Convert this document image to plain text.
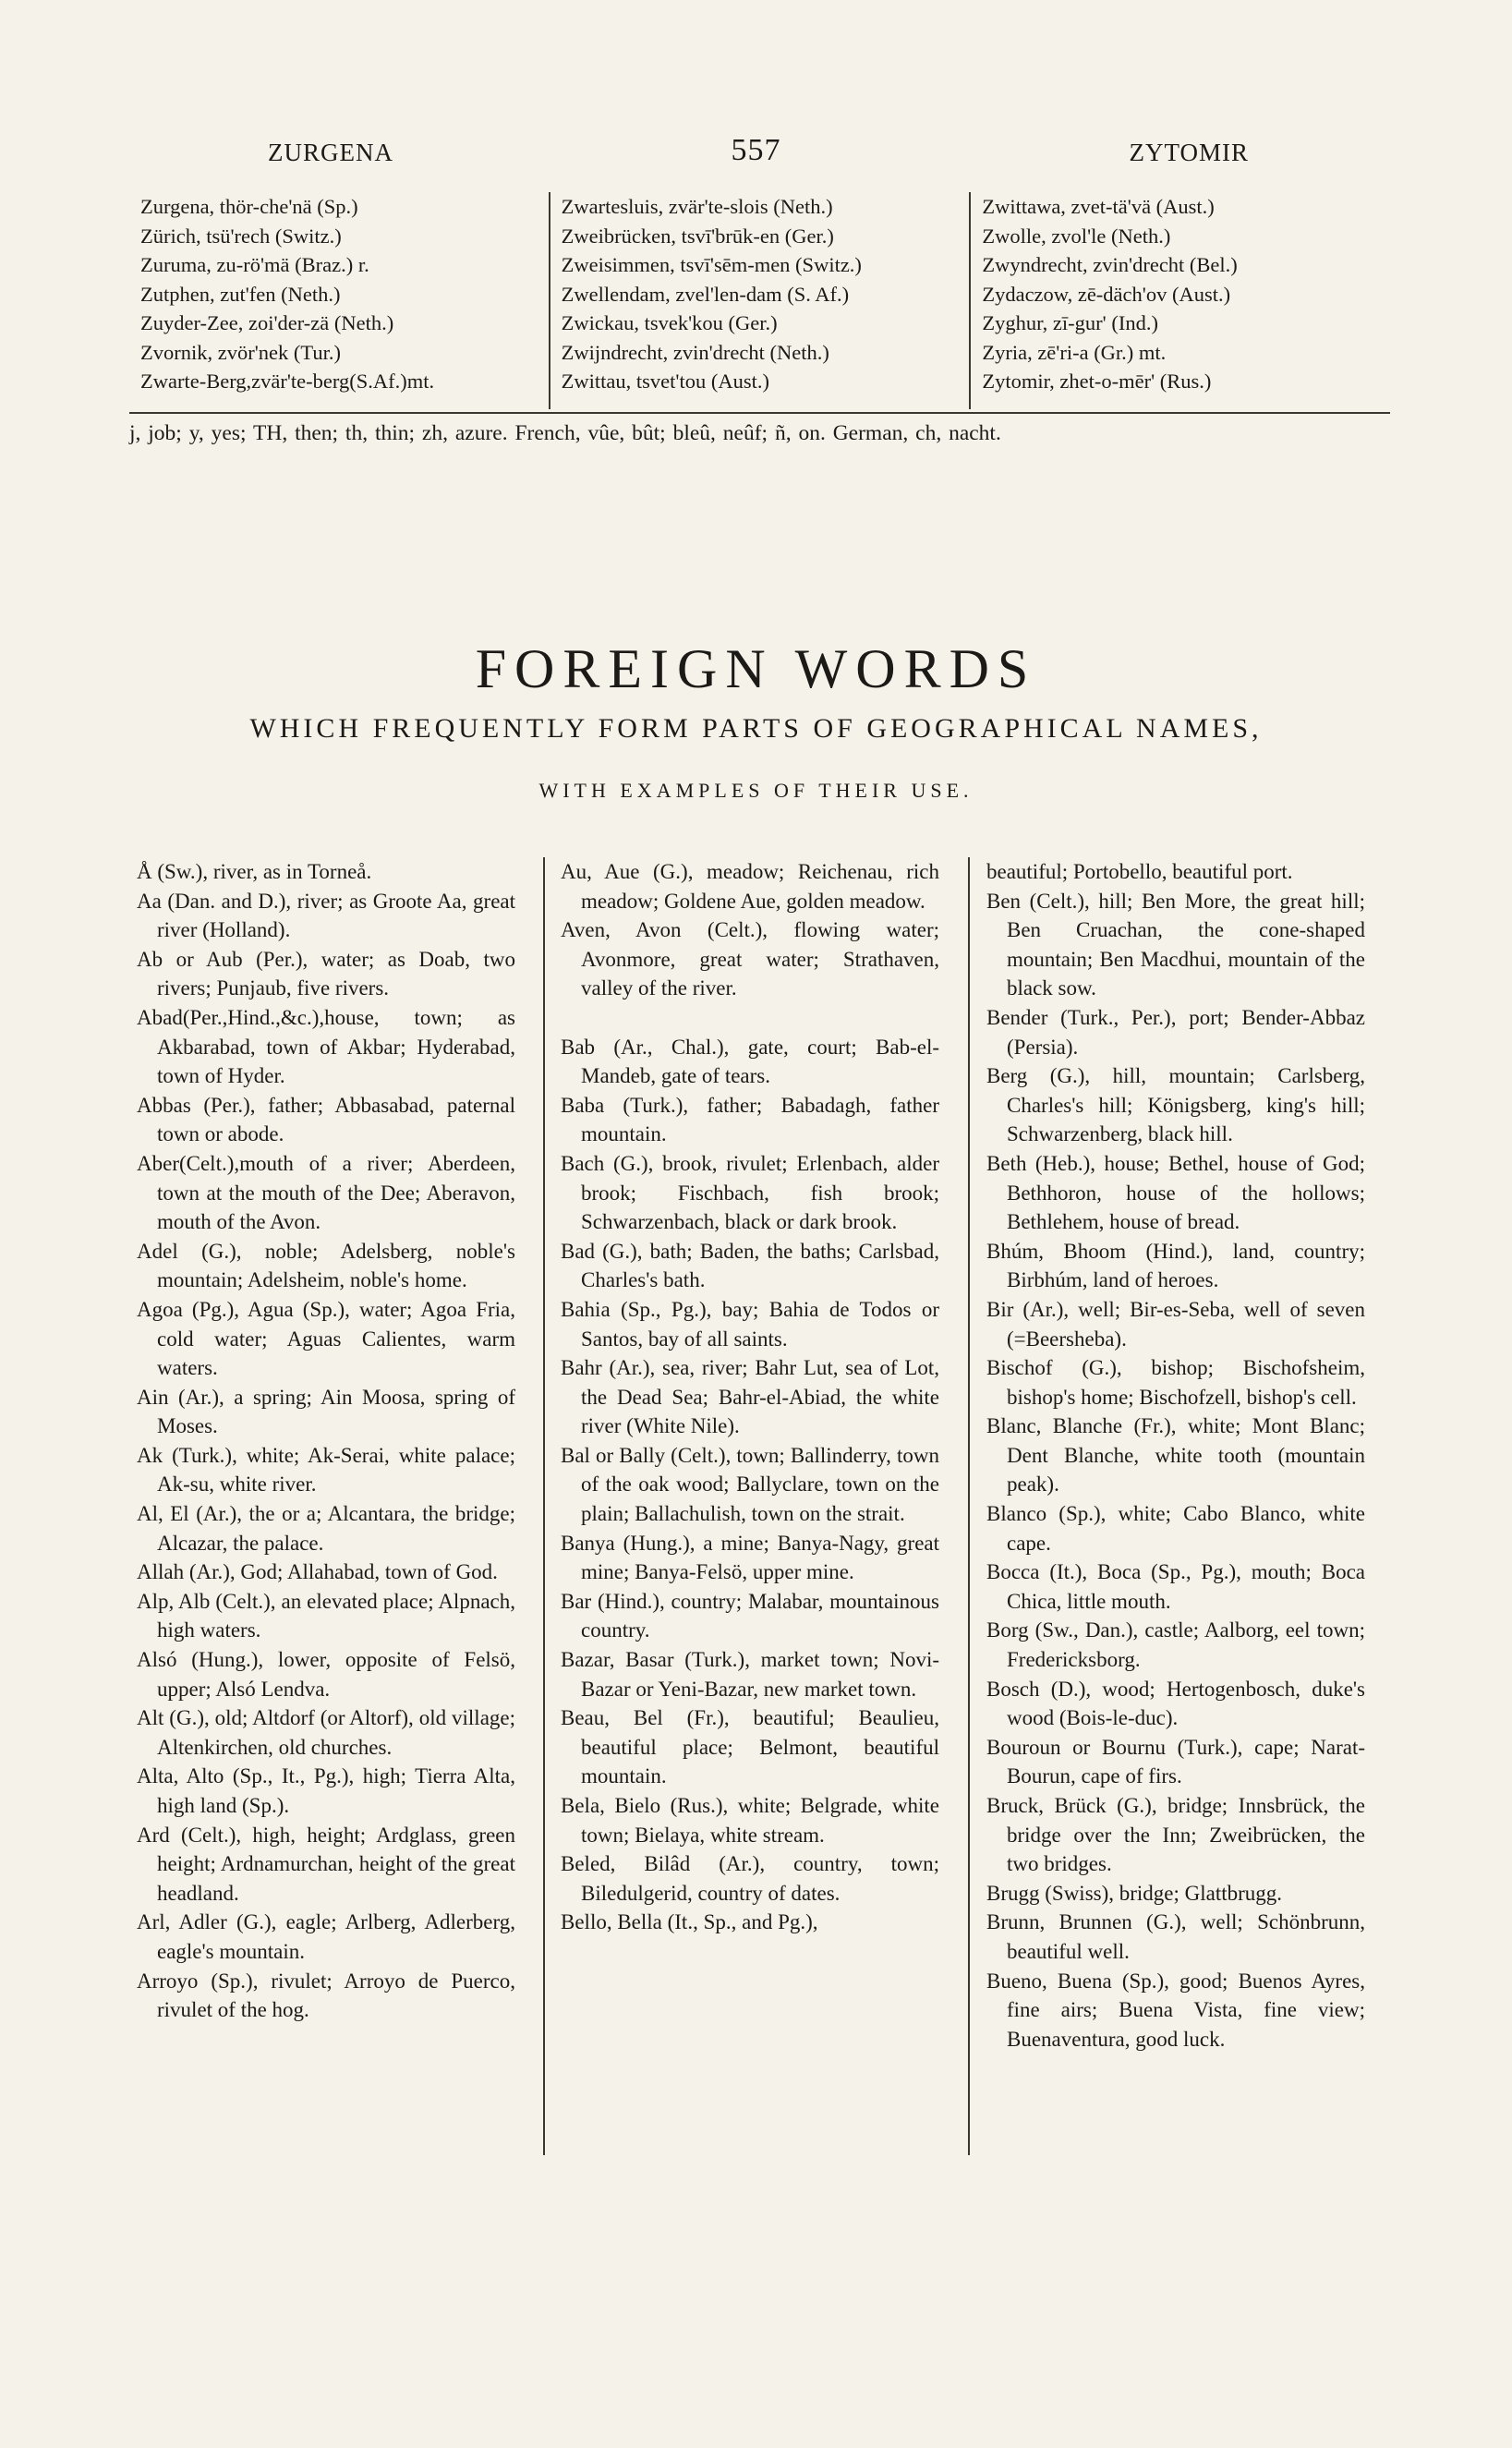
ZURGENA	557	ZYTOMIR
Zurgena, thör-che'nä (Sp.)
Zürich, tsü'rech (Switz.)
Zuruma, zu-rö'mä (Braz.) r.
Zutphen, zut'fen (Neth.)
Zuyder-Zee, zoi'der-zä (Neth.)
Zvornik, zvör'nek (Tur.)
Zwarte-Berg,zvär'te-berg(S.Af.)mt.
Zwartesluis, zvär'te-slois (Neth.)
Zweibrücken, tsvī'brūk-en (Ger.)
Zweisimmen, tsvī'sēm-men (Switz.)
Zwellendam, zvel'len-dam (S. Af.)
Zwickau, tsvek'kou (Ger.)
Zwijndrecht, zvin'drecht (Neth.)
Zwittau, tsvet'tou (Aust.)
Zwittawa, zvet-tä'vä (Aust.)
Zwolle, zvol'le (Neth.)
Zwyndrecht, zvin'drecht (Bel.)
Zydaczow, zē-däch'ov (Aust.)
Zyghur, zī-gur' (Ind.)
Zyria, zē'ri-a (Gr.) mt.
Zytomir, zhet-o-mēr' (Rus.)
j, job; y, yes; TH, then; th, thin; zh, azure. French, vûe, bût; bleû, neûf; ñ, on. German, ch, nacht.
FOREIGN WORDS
WHICH FREQUENTLY FORM PARTS OF GEOGRAPHICAL NAMES,
WITH EXAMPLES OF THEIR USE.

Å (Sw.), river, as in Torneå.

Aa (Dan. and D.), river; as Groote Aa, great river (Holland).

Ab or Aub (Per.), water; as Doab, two rivers; Punjaub, five rivers.

Abad(Per.,Hind.,&c.),house, town; as Akbarabad, town of Akbar; Hyderabad, town of Hyder.

Abbas (Per.), father; Abbasabad, paternal town or abode.

Aber(Celt.),mouth of a river; Aberdeen, town at the mouth of the Dee; Aberavon, mouth of the Avon.

Adel (G.), noble; Adelsberg, noble's mountain; Adelsheim, noble's home.

Agoa (Pg.), Agua (Sp.), water; Agoa Fria, cold water; Aguas Calientes, warm waters.

Ain (Ar.), a spring; Ain Moosa, spring of Moses.

Ak (Turk.), white; Ak-Serai, white palace; Ak-su, white river.

Al, El (Ar.), the or a; Alcantara, the bridge; Alcazar, the palace.

Allah (Ar.), God; Allahabad, town of God.

Alp, Alb (Celt.), an elevated place; Alpnach, high waters.

Alsó (Hung.), lower, opposite of Felsö, upper; Alsó Lendva.

Alt (G.), old; Altdorf (or Altorf), old village; Altenkirchen, old churches.

Alta, Alto (Sp., It., Pg.), high; Tierra Alta, high land (Sp.).

Ard (Celt.), high, height; Ardglass, green height; Ardnamurchan, height of the great headland.

Arl, Adler (G.), eagle; Arlberg, Adlerberg, eagle's mountain.

Arroyo (Sp.), rivulet; Arroyo de Puerco, rivulet of the hog.

Au, Aue (G.), meadow; Reichenau, rich meadow; Goldene Aue, golden meadow.

Aven, Avon (Celt.), flowing water; Avonmore, great water; Strathaven, valley of the river.

Bab (Ar., Chal.), gate, court; Bab-el-Mandeb, gate of tears.

Baba (Turk.), father; Babadagh, father mountain.

Bach (G.), brook, rivulet; Erlenbach, alder brook; Fischbach, fish brook; Schwarzenbach, black or dark brook.

Bad (G.), bath; Baden, the baths; Carlsbad, Charles's bath.

Bahia (Sp., Pg.), bay; Bahia de Todos or Santos, bay of all saints.

Bahr (Ar.), sea, river; Bahr Lut, sea of Lot, the Dead Sea; Bahr-el-Abiad, the white river (White Nile).

Bal or Bally (Celt.), town; Ballinderry, town of the oak wood; Ballyclare, town on the plain; Ballachulish, town on the strait.

Banya (Hung.), a mine; Banya-Nagy, great mine; Banya-Felsö, upper mine.

Bar (Hind.), country; Malabar, mountainous country.

Bazar, Basar (Turk.), market town; Novi-Bazar or Yeni-Bazar, new market town.

Beau, Bel (Fr.), beautiful; Beaulieu, beautiful place; Belmont, beautiful mountain.

Bela, Bielo (Rus.), white; Belgrade, white town; Bielaya, white stream.

Beled, Bilâd (Ar.), country, town; Biledulgerid, country of dates.

Bello, Bella (It., Sp., and Pg.),

beautiful; Portobello, beautiful port.

Ben (Celt.), hill; Ben More, the great hill; Ben Cruachan, the cone-shaped mountain; Ben Macdhui, mountain of the black sow.

Bender (Turk., Per.), port; Bender-Abbaz (Persia).

Berg (G.), hill, mountain; Carlsberg, Charles's hill; Königsberg, king's hill; Schwarzenberg, black hill.

Beth (Heb.), house; Bethel, house of God; Bethhoron, house of the hollows; Bethlehem, house of bread.

Bhúm, Bhoom (Hind.), land, country; Birbhúm, land of heroes.

Bir (Ar.), well; Bir-es-Seba, well of seven (=Beersheba).

Bischof (G.), bishop; Bischofsheim, bishop's home; Bischofzell, bishop's cell.

Blanc, Blanche (Fr.), white; Mont Blanc; Dent Blanche, white tooth (mountain peak).

Blanco (Sp.), white; Cabo Blanco, white cape.

Bocca (It.), Boca (Sp., Pg.), mouth; Boca Chica, little mouth.

Borg (Sw., Dan.), castle; Aalborg, eel town; Fredericksborg.

Bosch (D.), wood; Hertogenbosch, duke's wood (Bois-le-duc).

Bouroun or Bournu (Turk.), cape; Narat-Bourun, cape of firs.

Bruck, Brück (G.), bridge; Innsbrück, the bridge over the Inn; Zweibrücken, the two bridges.

Brugg (Swiss), bridge; Glattbrugg.

Brunn, Brunnen (G.), well; Schönbrunn, beautiful well.

Bueno, Buena (Sp.), good; Buenos Ayres, fine airs; Buena Vista, fine view; Buenaventura, good luck.
